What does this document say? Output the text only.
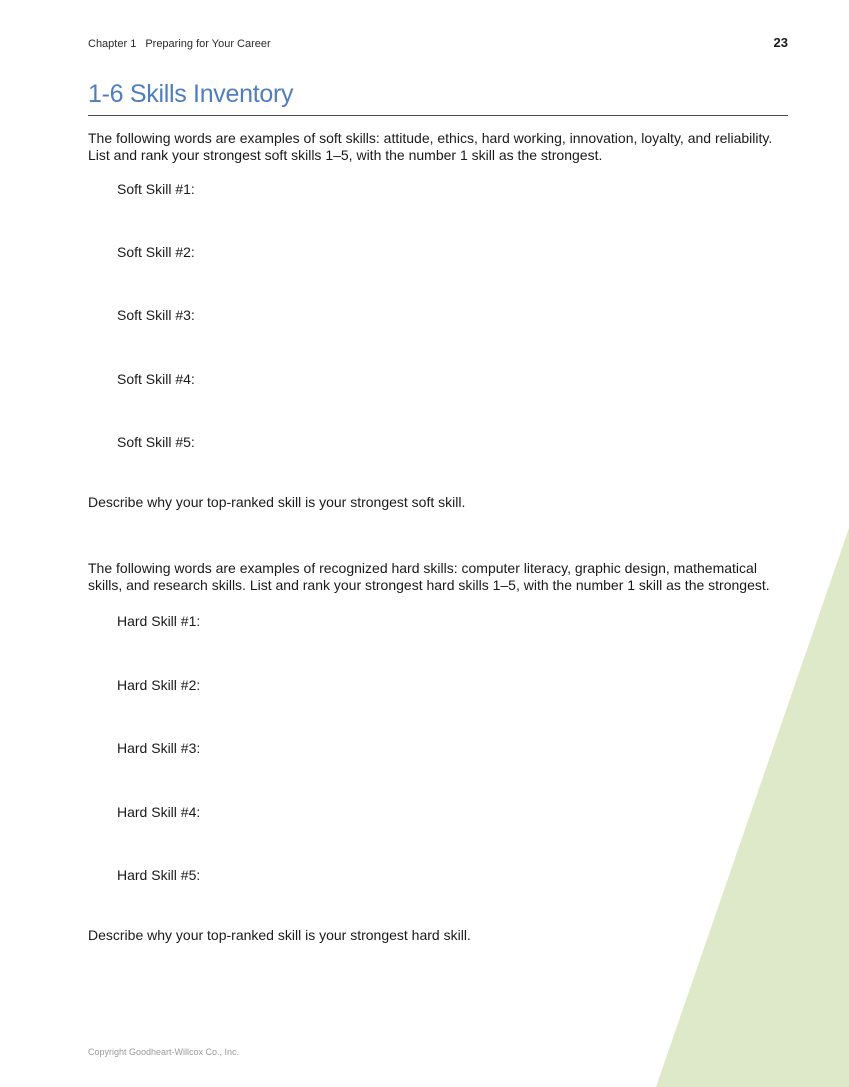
Chapter 1 Preparing for Your Career	23
1-6 Skills Inventory
The following words are examples of soft skills: attitude, ethics, hard working, innovation, loyalty, and reliability. List and rank your strongest soft skills 1–5, with the number 1 skill as the strongest.
Soft Skill #1:
Soft Skill #2:
Soft Skill #3:
Soft Skill #4:
Soft Skill #5:
Describe why your top-ranked skill is your strongest soft skill.
The following words are examples of recognized hard skills: computer literacy, graphic design, mathematical skills, and research skills. List and rank your strongest hard skills 1–5, with the number 1 skill as the strongest.
Hard Skill #1:
Hard Skill #2:
Hard Skill #3:
Hard Skill #4:
Hard Skill #5:
Describe why your top-ranked skill is your strongest hard skill.
Copyright Goodheart-Willcox Co., Inc.
